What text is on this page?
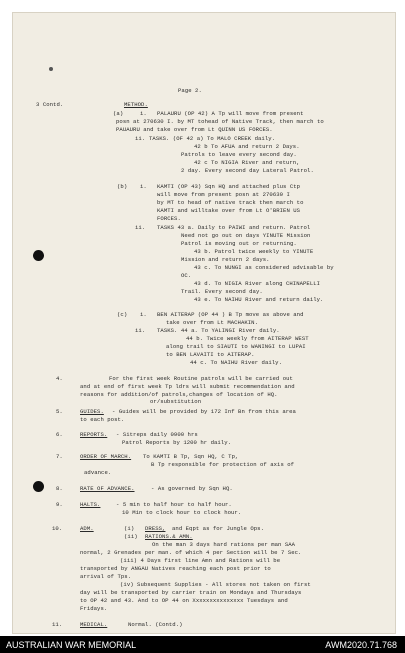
3 Contd.	METHOD.
(a)	i. PALAURU (OP 42) A Tp will move from present
posn at 270630 I. by MT tohead of Native Track, then march to
PAUAURU and take over from Lt QUINN US FORCES.
ii. TASKS. (OF 42 a) To MALO CREEK daily.
42 b To AFUA and return 2 Days.
Patrols to leave every second day.
42 c To NIGIA River and return,
2 day. Every second day Lateral Patrol.
(b) i. KAMTI (OP 43) Sqn HQ and attached plus Ctp
will move from present posn at 270630 I
by MT to head of native track then march to
KAMTI and willtake over from Lt O'BRIEN US
FORCES.
ii. TASKS 43 a. Daily to PAIWI and return. Patrol
Need not go out on days YINUTE Mission
Patrol is moving out or returning.
43 b. Patrol twice weekly to YINUTE
Mission and return 2 days.
43 c. To NUNGI as considered advisable by
OC.
43 d. To NIGIA River along CHINAPELLI
Trail. Every second day.
43 e. To NAIHU River and return daily.
(c) i. BEN AITERAP (OP 44 ) B Tp move as above and
take over from Lt MACHAKIN.
ii. TASKS. 44 a. To YALINGI River daily.
44 b. Twice weekly from AITERAP WEST
along trail to SIAUTI to WANINGI to LUPAI
to BEN LAVAITI to AITERAP.
44 c. To NAIHU River daily.
4.	For the first week Routine patrols will be carried out
and at end of first week Tp ldrs will submit recommendation and
reasons for addition/of patrols,changes of location of HQ.
or/substitution
5.	GUIDES. - Guides will be provided by 172 Inf Bn from this area
to each post.
6.	REPORTS. - Sitreps daily 0900 hrs
Patrol Reports by 1200 hr daily.
7.	ORDER OF MARCH. To KAMTI B Tp, Sqn HQ, C Tp,
B Tp responsible for protection of axis of
advance.
8.	RATE OF ADVANCE.	- As governed by Sqn HQ.
9.	HALTS.	- 5 min to half hour to half hour.
10 Min to clock hour to clock hour.
10.	ADM.	(i) DRESS, and Eqpt as for Jungle Ops.
(ii) RATIONS.& AMN.
On the man 3 days hard rations per man SAA
normal, 2 Grenades per man. of which 4 per Section will be 7 Sec.
(iii) 4 Days first line Amn and Rations will be
transported by ANGAU Natives reaching each post prior to
arrival of Tps.
(iv) Subsequent Supplies - All stores not taken on first
day will be transported by carrier train on Mondays and Thursdays
to OP 42 and 43. And to OP 44 on Xxxxxxxxxxxxxxx Tuesdays and
Fridays.
11.	MEDICAL.	Normal. (Contd.)
Page 2.
AUSTRALIAN WAR MEMORIAL	AWM2020.71.768
